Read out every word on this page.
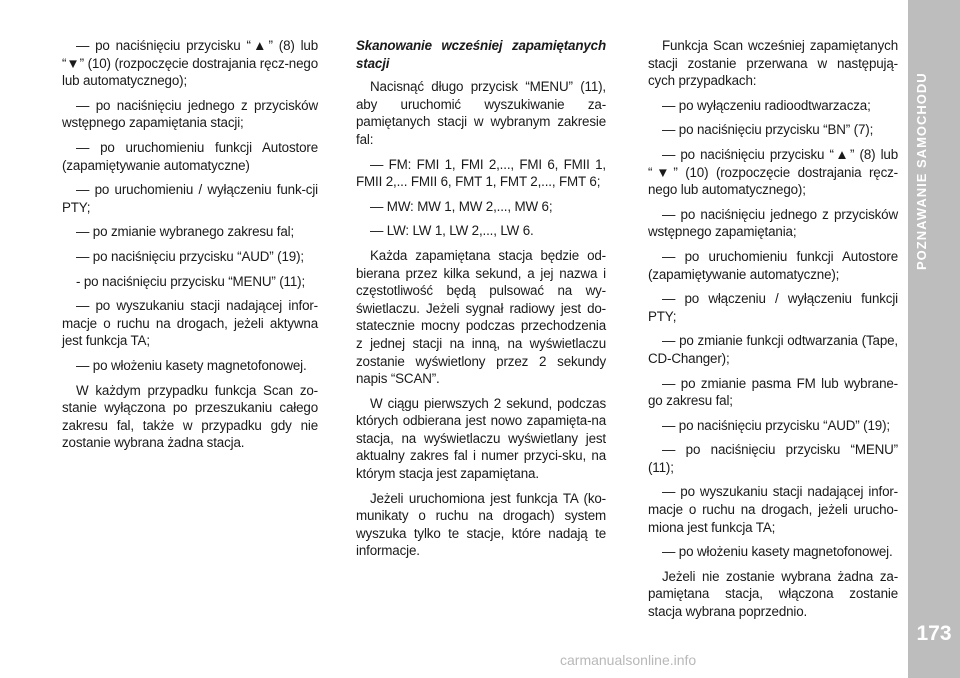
— po naciśnięciu przycisku “▲” (8) lub “▼” (10) (rozpoczęcie dostrajania ręcz-nego lub automatycznego);

— po naciśnięciu jednego z przycisków wstępnego zapamiętania stacji;

— po uruchomieniu funkcji Autostore (zapamiętywanie automatyczne)

— po uruchomieniu / wyłączeniu funk-cji PTY;

— po zmianie wybranego zakresu fal;

— po naciśnięciu przycisku “AUD” (19);

- po naciśnięciu przycisku “MENU” (11);

— po wyszukaniu stacji nadającej infor-macje o ruchu na drogach, jeżeli aktywna jest funkcja TA;

— po włożeniu kasety magnetofonowej.

W każdym przypadku funkcja Scan zo-stanie wyłączona po przeszukaniu całego zakresu fal, także w przypadku gdy nie zostanie wybrana żadna stacja.

Skanowanie wcześniej zapamiętanych stacji

Nacisnąć długo przycisk “MENU” (11), aby uruchomić wyszukiwanie za-pamiętanych stacji w wybranym zakresie fal:

— FM: FMI 1, FMI 2,..., FMI 6, FMII 1, FMII 2,... FMII 6, FMT 1, FMT 2,..., FMT 6;

— MW: MW 1, MW 2,..., MW 6;

— LW: LW 1, LW 2,..., LW 6.

Każda zapamiętana stacja będzie od-bierana przez kilka sekund, a jej nazwa i częstotliwość będą pulsować na wy-świetlaczu. Jeżeli sygnał radiowy jest do-statecznie mocny podczas przechodzenia z jednej stacji na inną, na wyświetlaczu zostanie wyświetlony przez 2 sekundy napis “SCAN”.

W ciągu pierwszych 2 sekund, podczas których odbierana jest nowo zapamięta-na stacja, na wyświetlaczu wyświetlany jest aktualny zakres fal i numer przyci-sku, na którym stacja jest zapamiętana.

Jeżeli uruchomiona jest funkcja TA (ko-munikaty o ruchu na drogach) system wyszuka tylko te stacje, które nadają te informacje.

Funkcja Scan wcześniej zapamiętanych stacji zostanie przerwana w następują-cych przypadkach:

— po wyłączeniu radioodtwarzacza;

— po naciśnięciu przycisku “BN” (7);

— po naciśnięciu przycisku “▲” (8) lub “▼” (10) (rozpoczęcie dostrajania ręcz-nego lub automatycznego);

— po naciśnięciu jednego z przycisków wstępnego zapamiętania;

— po uruchomieniu funkcji Autostore (zapamiętywanie automatyczne);

— po włączeniu / wyłączeniu funkcji PTY;

— po zmianie funkcji odtwarzania (Tape, CD-Changer);

— po zmianie pasma FM lub wybrane-go zakresu fal;

— po naciśnięciu przycisku “AUD” (19);

— po naciśnięciu przycisku “MENU” (11);

— po wyszukaniu stacji nadającej infor-macje o ruchu na drogach, jeżeli urucho-miona jest funkcja TA;

— po włożeniu kasety magnetofonowej.

Jeżeli nie zostanie wybrana żadna za-pamiętana stacja, włączona zostanie stacja wybrana poprzednio.

POZNAWANIE SAMOCHODU
173
carmanualsonline.info
